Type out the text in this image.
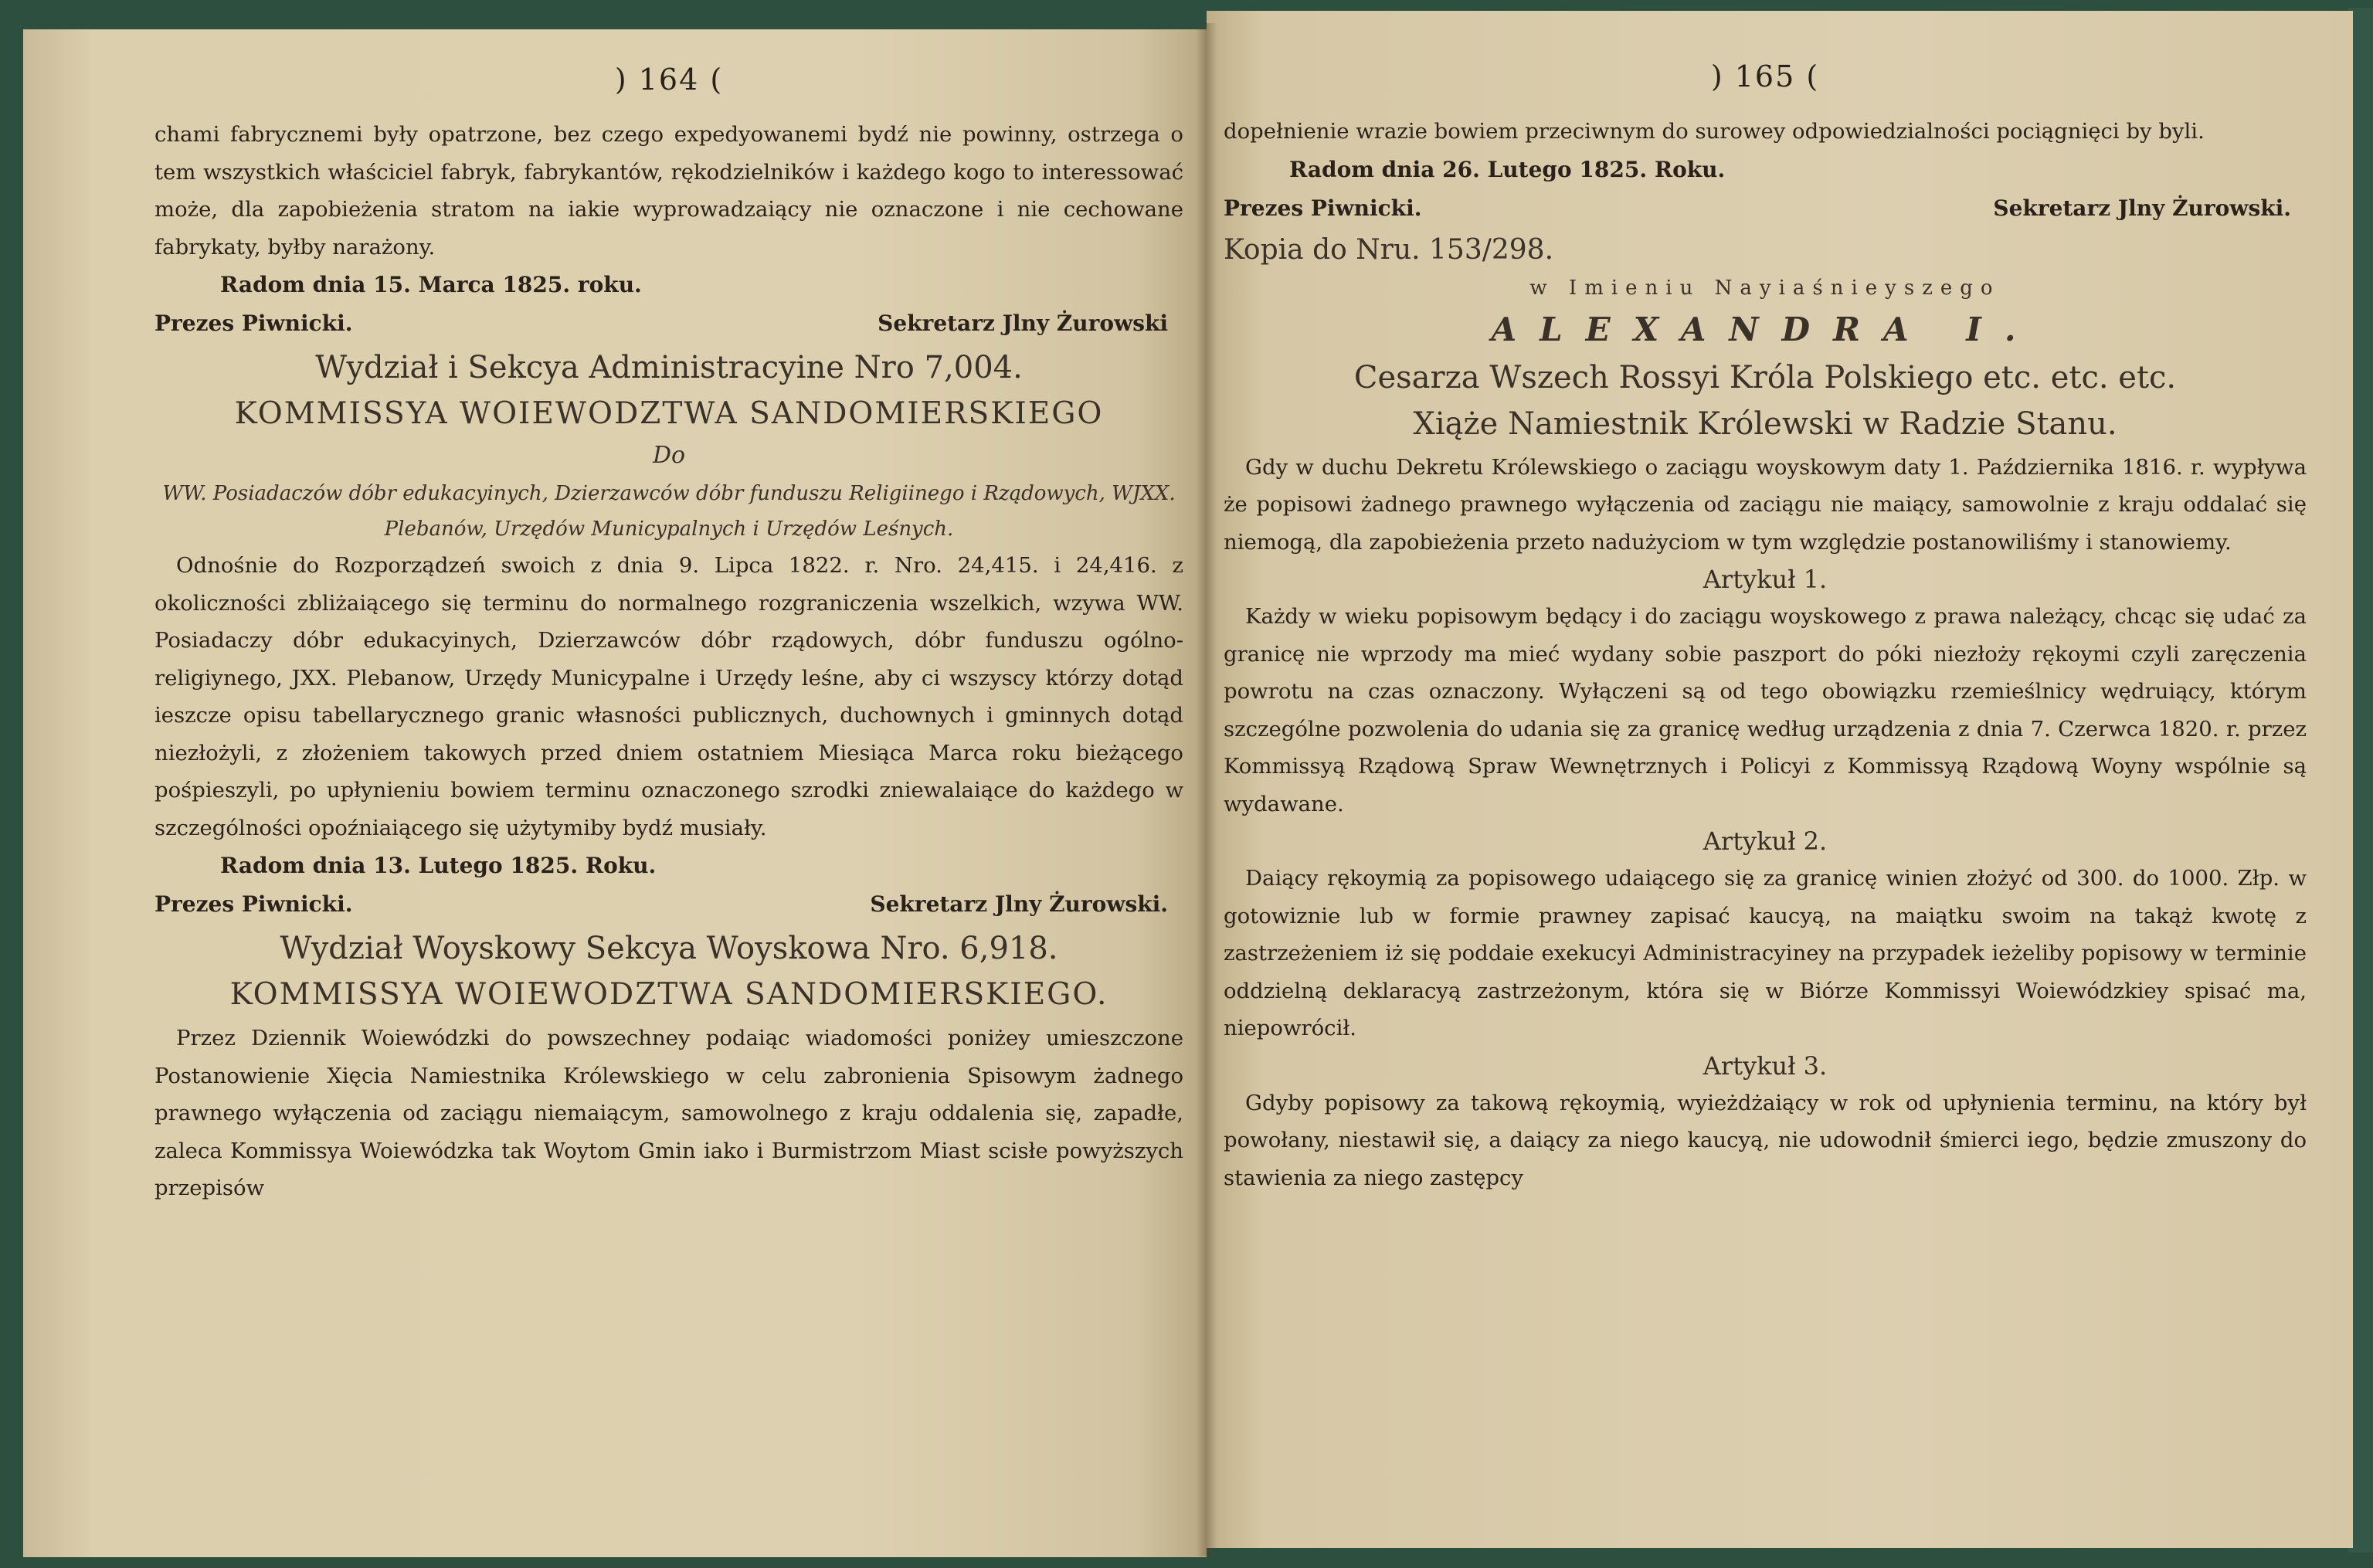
) 164 (

chami fabrycznemi były opatrzone, bez czego expedyowanemi bydź nie powinny, ostrzega o tem wszystkich właściciel fabryk, fabrykantów, rękodzielników i każdego kogo to interessować może, dla zapobieżenia stratom na iakie wyprowadzaiący nie oznaczone i nie cechowane fabrykaty, byłby narażony.

Radom dnia 15. Marca 1825. roku.

Prezes Piwnicki.	Sekretarz Jlny Żurowski

Wydział i Sekcya Administracyine Nro 7,004.

KOMMISSYA WOIEWODZTWA SANDOMIERSKIEGO

Do

WW. Posiadaczów dóbr edukacyinych, Dzierzawców dóbr funduszu Religiinego i Rządowych, WJXX. Plebanów, Urzędów Municypalnych i Urzędów Leśnych.

Odnośnie do Rozporządzeń swoich z dnia 9. Lipca 1822. r. Nro. 24,415. i 24,416. z okoliczności zbliżaiącego się terminu do normalnego rozgraniczenia wszelkich, wzywa WW. Posiadaczy dóbr edukacyinych, Dzierzawców dóbr rządowych, dóbr funduszu ogólno-religiynego, JXX. Plebanow, Urzędy Municypalne i Urzędy leśne, aby ci wszyscy którzy dotąd ieszcze opisu tabellarycznego granic własności publicznych, duchownych i gminnych dotąd niezłożyli, z złożeniem takowych przed dniem ostatniem Miesiąca Marca roku bieżącego pośpieszyli, po upłynieniu bowiem terminu oznaczonego szrodki zniewalaiące do każdego w szczególności opoźniaiącego się użytymiby bydź musiały.

Radom dnia 13. Lutego 1825. Roku.

Prezes Piwnicki.	Sekretarz Jlny Żurowski.

Wydział Woyskowy Sekcya Woyskowa Nro. 6,918.

KOMMISSYA WOIEWODZTWA SANDOMIERSKIEGO.

Przez Dziennik Woiewódzki do powszechney podaiąc wiadomości poniżey umieszczone Postanowienie Xięcia Namiestnika Królewskiego w celu zabronienia Spisowym żadnego prawnego wyłączenia od zaciągu niemaiącym, samowolnego z kraju oddalenia się, zapadłe, zaleca Kommissya Woiewódzka tak Woytom Gmin iako i Burmistrzom Miast scisłe powyższych przepisów

) 165 (

dopełnienie wrazie bowiem przeciwnym do surowey odpowiedzialności pociągnięci by byli.

Radom dnia 26. Lutego 1825. Roku.

Prezes Piwnicki.	Sekretarz Jlny Żurowski.

Kopia do Nru. 153/298.

w Imieniu Nayiaśnieyszego

ALEXANDRA I.

Cesarza Wszech Rossyi Króla Polskiego etc. etc. etc.

Xiąże Namiestnik Królewski w Radzie Stanu.

Gdy w duchu Dekretu Królewskiego o zaciągu woyskowym daty 1. Października 1816. r. wypływa że popisowi żadnego prawnego wyłączenia od zaciągu nie maiący, samowolnie z kraju oddalać się niemogą, dla zapobieżenia przeto nadużyciom w tym względzie postanowiliśmy i stanowiemy.

Artykuł 1.

Każdy w wieku popisowym będący i do zaciągu woyskowego z prawa należący, chcąc się udać za granicę nie wprzody ma mieć wydany sobie paszport do póki niezłoży rękoymi czyli zaręczenia powrotu na czas oznaczony. Wyłączeni są od tego obowiązku rzemieślnicy wędruiący, którym szczególne pozwolenia do udania się za granicę według urządzenia z dnia 7. Czerwca 1820. r. przez Kommissyą Rządową Spraw Wewnętrznych i Policyi z Kommissyą Rządową Woyny wspólnie są wydawane.

Artykuł 2.

Daiący rękoymią za popisowego udaiącego się za granicę winien złożyć od 300. do 1000. Złp. w gotowiznie lub w formie prawney zapisać kaucyą, na maiątku swoim na takąż kwotę z zastrzeżeniem iż się poddaie exekucyi Administracyiney na przypadek ieżeliby popisowy w terminie oddzielną deklaracyą zastrzeżonym, która się w Biórze Kommissyi Woiewódzkiey spisać ma, niepowrócił.

Artykuł 3.

Gdyby popisowy za takową rękoymią, wyieżdżaiący w rok od upłynienia terminu, na który był powołany, niestawił się, a daiący za niego kaucyą, nie udowodnił śmierci iego, będzie zmuszony do stawienia za niego zastępcy
